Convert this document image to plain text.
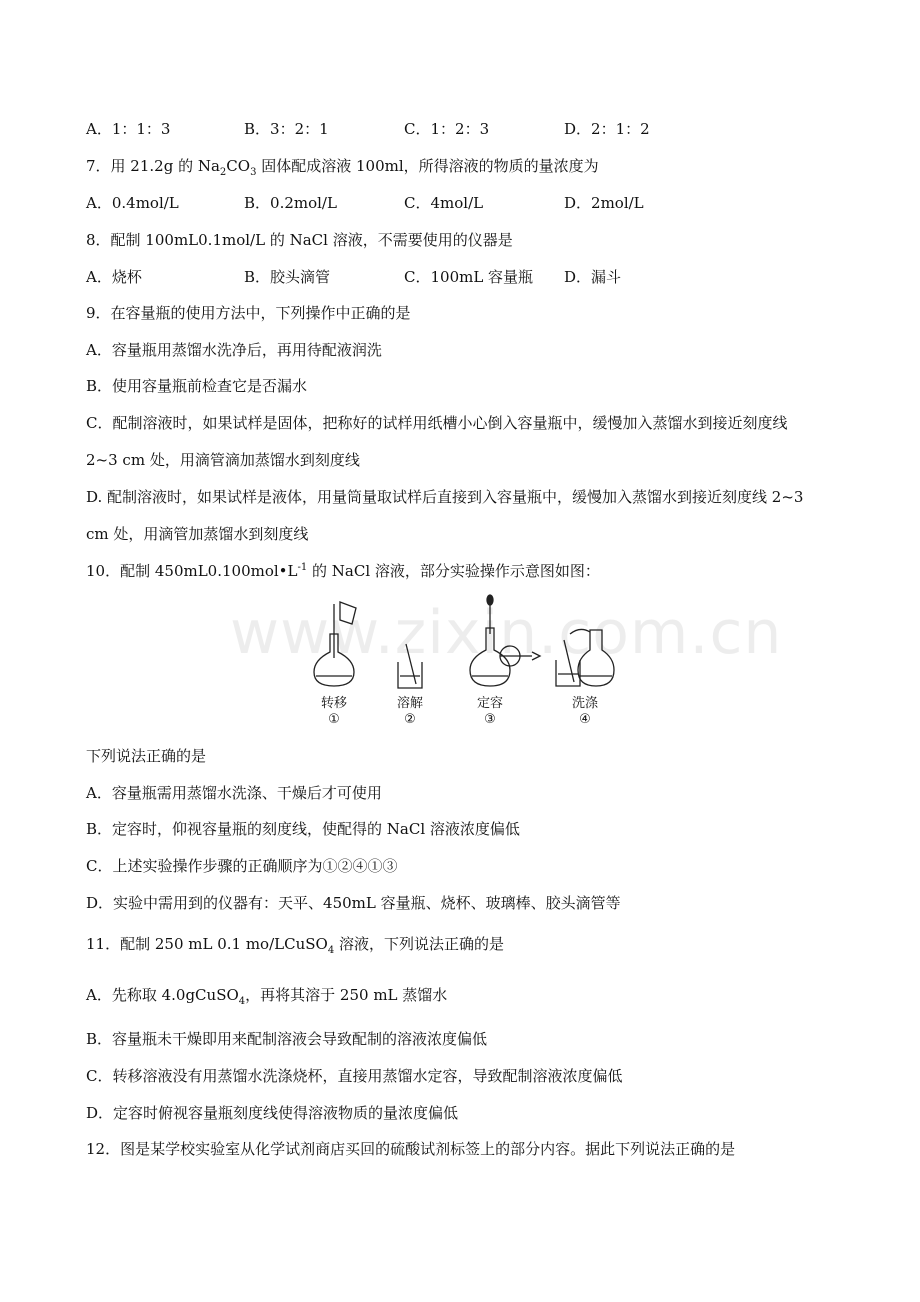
A．1：1：3	B．3：2：1	C．1：2：3	D．2：1：2
7．用 21.2g 的 $Na_2CO_3$ 固体配成溶液 100ml，所得溶液的物质的量浓度为
A．0.4mol/L	B．0.2mol/L	C．4mol/L	D．2mol/L
8．配制 100mL0.1mol/L 的 NaCl 溶液，不需要使用的仪器是
A．烧杯	B．胶头滴管	C．100mL 容量瓶 D．漏斗
9．在容量瓶的使用方法中，下列操作中正确的是
A．容量瓶用蒸馏水洗净后，再用待配液润洗
B．使用容量瓶前检查它是否漏水
C．配制溶液时，如果试样是固体，把称好的试样用纸槽小心倒入容量瓶中，缓慢加入蒸馏水到接近刻度线
2~3 cm 处，用滴管滴加蒸馏水到刻度线
D. 配制溶液时，如果试样是液体，用量筒量取试样后直接到入容量瓶中，缓慢加入蒸馏水到接近刻度线 2~3
cm 处，用滴管加蒸馏水到刻度线
10．配制 $450mL0.100mol•L^{-1}$ 的 NaCl 溶液，部分实验操作示意图如图：
www.zixin.com.cn
转移	溶解	定容	洗涤
①	②	③	④
下列说法正确的是
A．容量瓶需用蒸馏水洗涤、干燥后才可使用
B．定容时，仰视容量瓶的刻度线，使配得的 NaCl 溶液浓度偏低
C．上述实验操作步骤的正确顺序为①②④①③
D．实验中需用到的仪器有：天平、450mL 容量瓶、烧杯、玻璃棒、胶头滴管等
11．配制 250 mL 0.1 mo/LCuSO$_4$ 溶液，下列说法正确的是
A．先称取 4.0gCuSO$_4$，再将其溶于 250 mL 蒸馏水
B．容量瓶未干燥即用来配制溶液会导致配制的溶液浓度偏低
C．转移溶液没有用蒸馏水洗涤烧杯，直接用蒸馏水定容，导致配制溶液浓度偏低
D．定容时俯视容量瓶刻度线使得溶液物质的量浓度偏低
12．图是某学校实验室从化学试剂商店买回的硫酸试剂标签上的部分内容。据此下列说法正确的是
